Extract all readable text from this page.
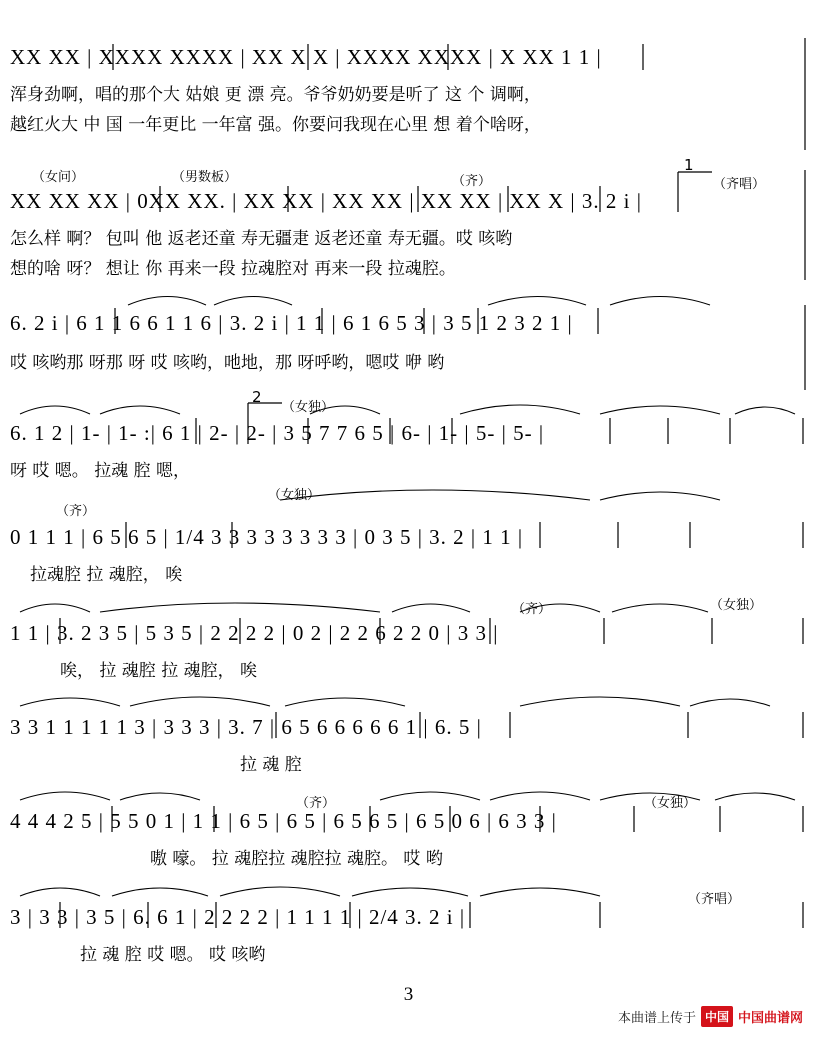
XX XX | XXXX XXXX | XX X X | XXXX XXXX | X XX 1 1 |
浑身劲啊，唱的那个大 姑娘 更 漂 亮。爷爷奶奶要是听了 这 个 调啊，
越红火大 中 国 一年更比 一年富 强。你要问我现在心里 想 着个啥呀，
（女问）	（男数板）	（齐）
1
（齐唱）
XX XX XX | 0XX XX. | XX XX | XX XX | XX XX | XX X | 3. 2 i |
怎么样 啊？ 包叫 他 返老还童 寿无疆疌 返老还童 寿无疆。哎 咳哟
想的啥 呀？ 想让 你 再来一段 拉魂腔对 再来一段 拉魂腔。
6. 2 i | 6 1 1 6 6 1 1 6 | 3. 2 i | 1 1 | 6 1 6 5 3 | 3 5 1 2 3 2 1 |
哎 咳哟那 呀那 呀 哎 咳哟，吔地，那 呀呼哟，嗯哎 咿 哟
2
（女独）
6. 1 2 | 1- | 1- :| 6 1 | 2- | 2- | 3 5 7 7 6 5 | 6- | 1- | 5- | 5- |
呀 哎 嗯。 拉魂 腔 嗯，
（齐）
（女独）
0 1 1 1 | 6 5 6 5 | 1/4 3 3 3 3 3 3 3 3 | 0 3 5 | 3. 2 | 1 1 |
拉魂腔 拉 魂腔， 唉
（齐）	（女独）
1 1 | 3. 2 3 5 | 5 3 5 | 2 2 2 2 | 0 2 | 2 2 6 2 2 0 | 3 3 |
唉， 拉 魂腔 拉 魂腔， 唉
3 3 1 1 1 1 1 3 | 3 3 3 | 3. 7 | 6 5 6 6 6 6 6 1 | 6. 5 |
拉 魂 腔
（齐）	（女独）
4 4 4 2 5 | 5 5 0 1 | 1 1 | 6 5 | 6 5 | 6 5 6 5 | 6 5 0 6 | 6 3 3 |
嗷 嚎。 拉 魂腔拉 魂腔拉 魂腔。 哎 哟
（齐唱）
3 | 3 3 | 3 5 | 6. 6 1 | 2 2 2 2 | 1 1 1 1 | 2/4 3. 2 i |
拉 魂 腔 哎 嗯。 哎 咳哟
3
本曲谱上传于 中国 中国曲谱网
